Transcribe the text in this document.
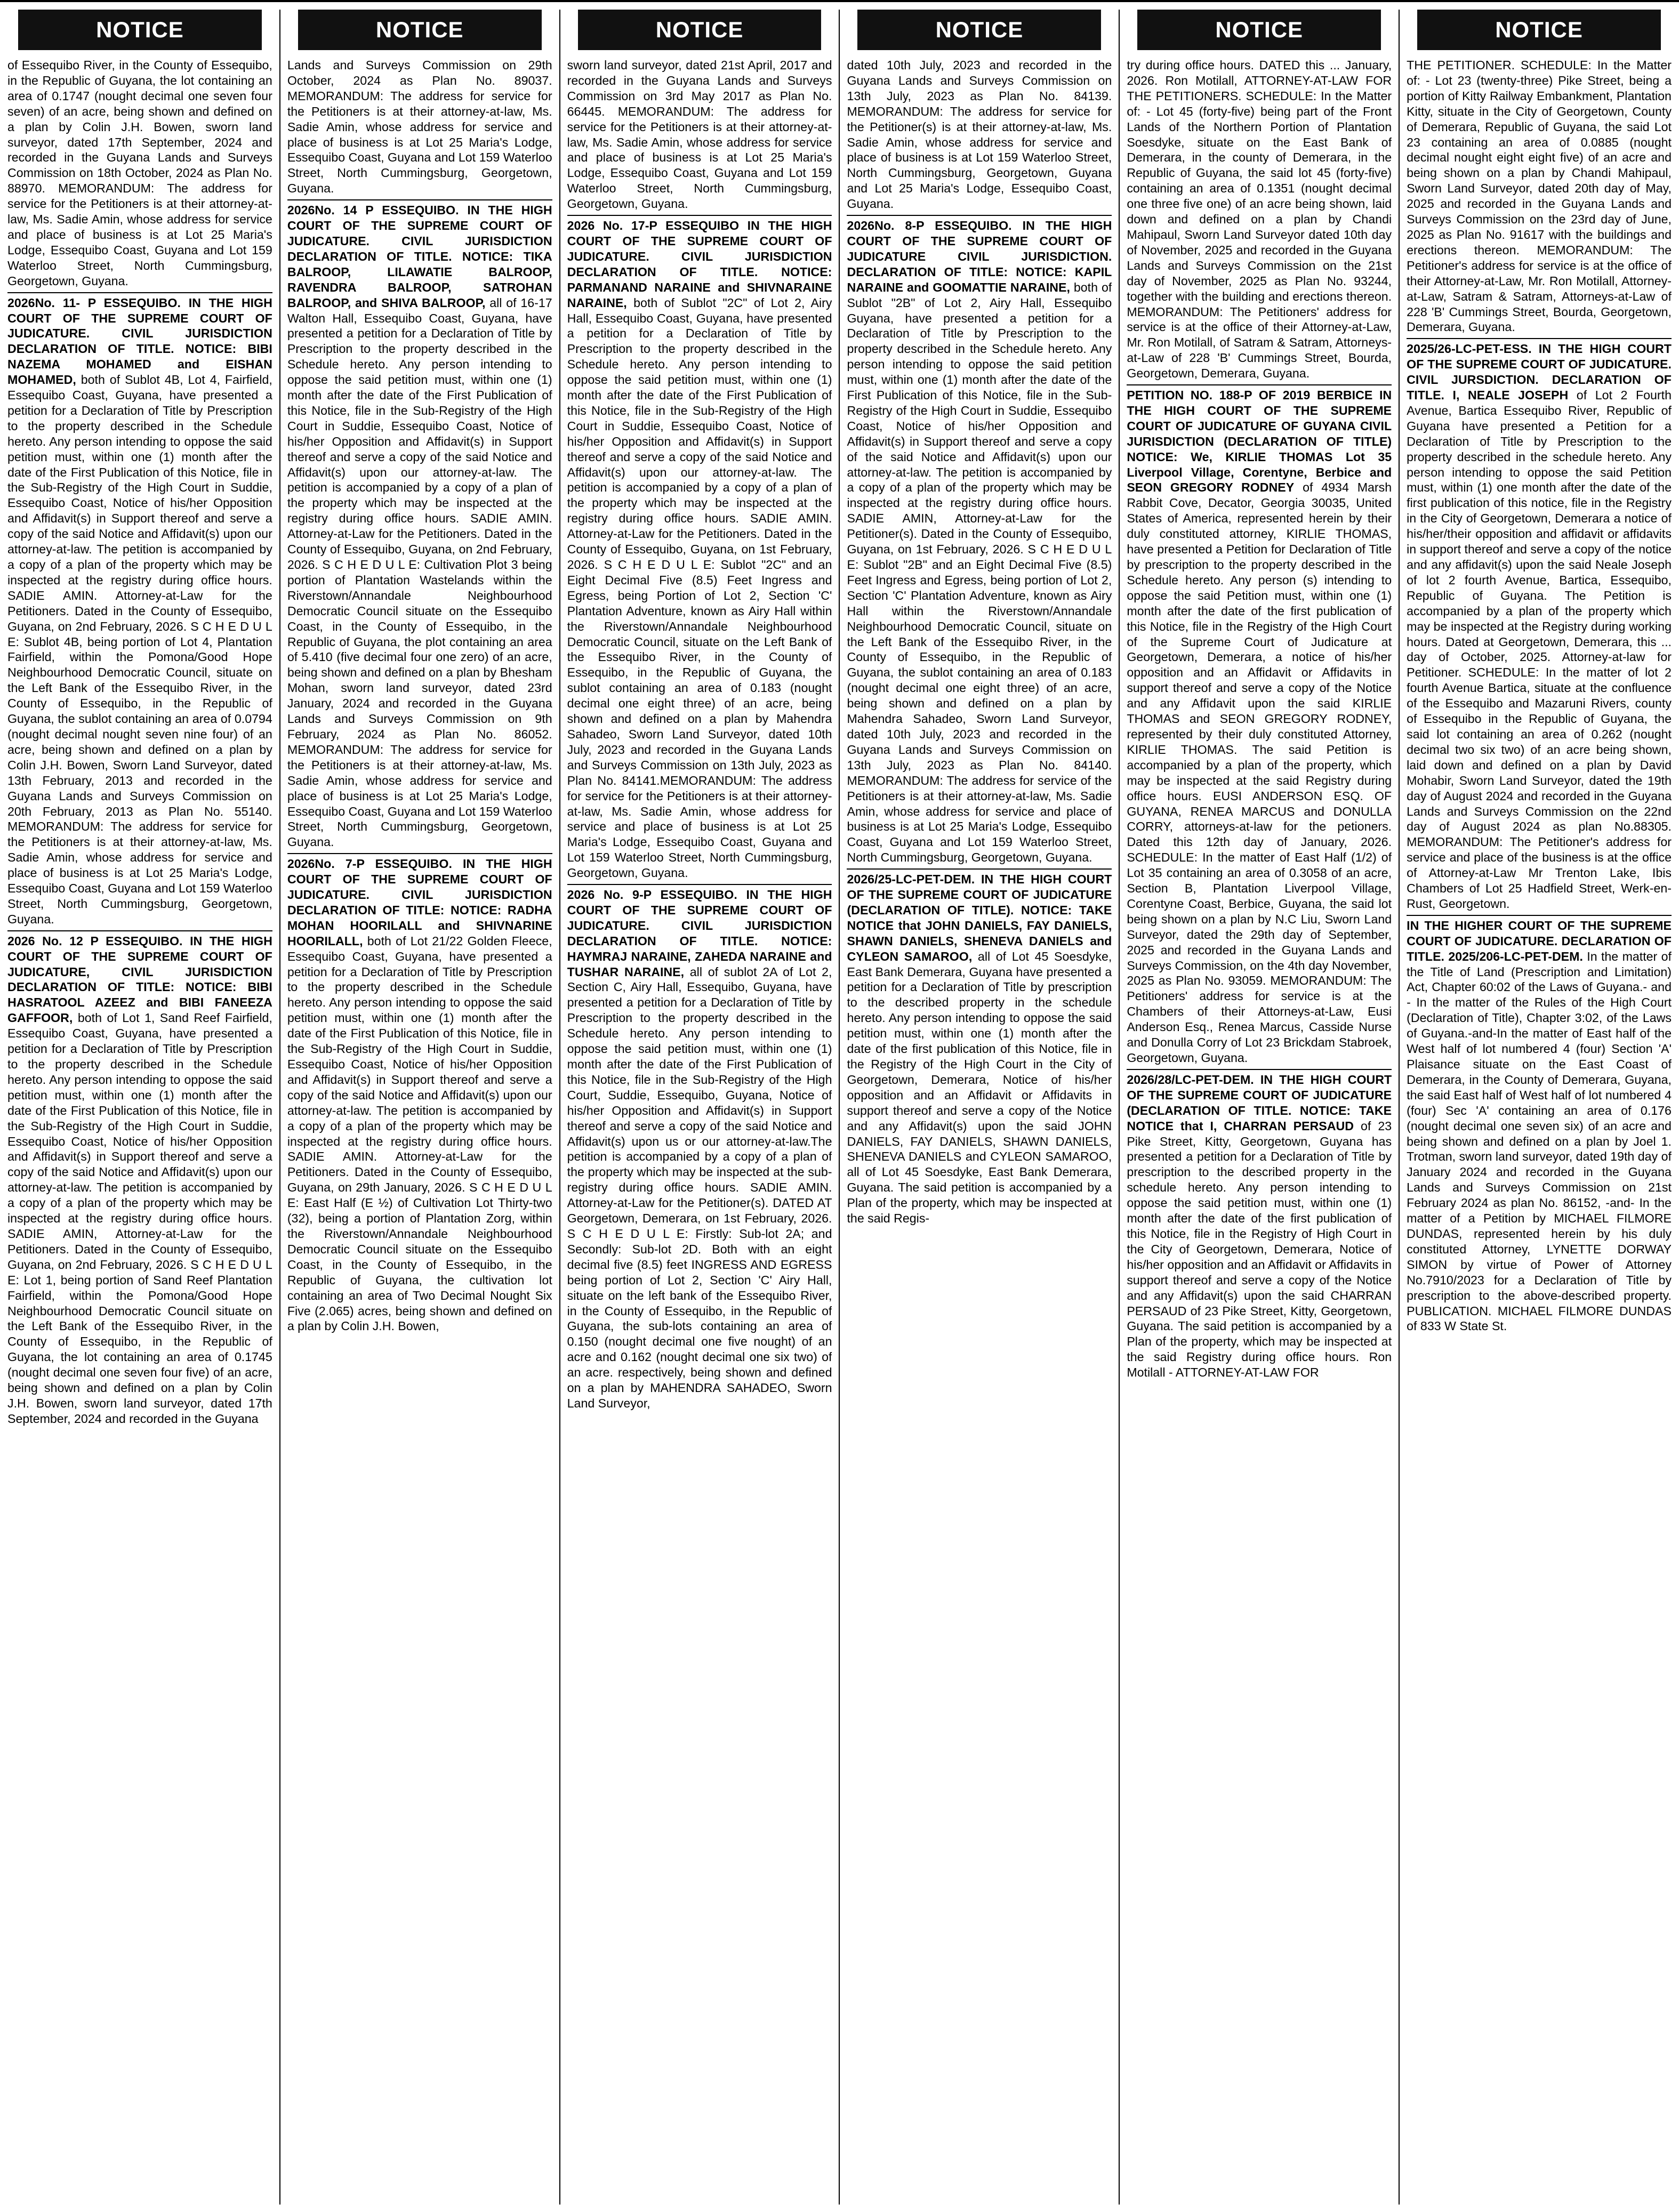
NOTICE

of Essequibo River, in the County of Essequibo, in the Republic of Guyana, the lot containing an area of 0.1747 (nought decimal one seven four seven) of an acre, being shown and defined on a plan by Colin J.H. Bowen, sworn land surveyor, dated 17th September, 2024 and recorded in the Guyana Lands and Surveys Commission on 18th October, 2024 as Plan No. 88970. MEMORANDUM: The address for service for the Petitioners is at their attorney-at-law, Ms. Sadie Amin, whose address for service and place of business is at Lot 25 Maria's Lodge, Essequibo Coast, Guyana and Lot 159 Waterloo Street, North Cummingsburg, Georgetown, Guyana.

2026No. 11- P ESSEQUIBO. IN THE HIGH COURT OF THE SUPREME COURT OF JUDICATURE. CIVIL JURISDICTION DECLARATION OF TITLE. NOTICE: BIBI NAZEMA MOHAMED and EISHAN MOHAMED, both of Sublot 4B, Lot 4, Fairfield, Essequibo Coast, Guyana, have presented a petition for a Declaration of Title by Prescription to the property described in the Schedule hereto. Any person intending to oppose the said petition must, within one (1) month after the date of the First Publication of this Notice, file in the Sub-Registry of the High Court in Suddie, Essequibo Coast, Notice of his/her Opposition and Affidavit(s) in Support thereof and serve a copy of the said Notice and Affidavit(s) upon our attorney-at-law. The petition is accompanied by a copy of a plan of the property which may be inspected at the registry during office hours. SADIE AMIN. Attorney-at-Law for the Petitioners. Dated in the County of Essequibo, Guyana, on 2nd February, 2026. S C H E D U L E: Sublot 4B, being portion of Lot 4, Plantation Fairfield, within the Pomona/Good Hope Neighbourhood Democratic Council, situate on the Left Bank of the Essequibo River, in the County of Essequibo, in the Republic of Guyana, the sublot containing an area of 0.0794 (nought decimal nought seven nine four) of an acre, being shown and defined on a plan by Colin J.H. Bowen, Sworn Land Surveyor, dated 13th February, 2013 and recorded in the Guyana Lands and Surveys Commission on 20th February, 2013 as Plan No. 55140. MEMORANDUM: The address for service for the Petitioners is at their attorney-at-law, Ms. Sadie Amin, whose address for service and place of business is at Lot 25 Maria's Lodge, Essequibo Coast, Guyana and Lot 159 Waterloo Street, North Cummingsburg, Georgetown, Guyana.

2026 No. 12 P ESSEQUIBO. IN THE HIGH COURT OF THE SUPREME COURT OF JUDICATURE, CIVIL JURISDICTION DECLARATION OF TITLE: NOTICE: BIBI HASRATOOL AZEEZ and BIBI FANEEZA GAFFOOR, both of Lot 1, Sand Reef Fairfield, Essequibo Coast, Guyana, have presented a petition for a Declaration of Title by Prescription to the property described in the Schedule hereto. Any person intending to oppose the said petition must, within one (1) month after the date of the First Publication of this Notice, file in the Sub-Registry of the High Court in Suddie, Essequibo Coast, Notice of his/her Opposition and Affidavit(s) in Support thereof and serve a copy of the said Notice and Affidavit(s) upon our attorney-at-law. The petition is accompanied by a copy of a plan of the property which may be inspected at the registry during office hours. SADIE AMIN, Attorney-at-Law for the Petitioners. Dated in the County of Essequibo, Guyana, on 2nd February, 2026. S C H E D U L E: Lot 1, being portion of Sand Reef Plantation Fairfield, within the Pomona/Good Hope Neighbourhood Democratic Council situate on the Left Bank of the Essequibo River, in the County of Essequibo, in the Republic of Guyana, the lot containing an area of 0.1745 (nought decimal one seven four five) of an acre, being shown and defined on a plan by Colin J.H. Bowen, sworn land surveyor, dated 17th September, 2024 and recorded in the Guyana

NOTICE

Lands and Surveys Commission on 29th October, 2024 as Plan No. 89037. MEMORANDUM: The address for service for the Petitioners is at their attorney-at-law, Ms. Sadie Amin, whose address for service and place of business is at Lot 25 Maria's Lodge, Essequibo Coast, Guyana and Lot 159 Waterloo Street, North Cummingsburg, Georgetown, Guyana.

2026No. 14 P ESSEQUIBO. IN THE HIGH COURT OF THE SUPREME COURT OF JUDICATURE. CIVIL JURISDICTION DECLARATION OF TITLE. NOTICE: TIKA BALROOP, LILAWATIE BALROOP, RAVENDRA BALROOP, SATROHAN BALROOP, and SHIVA BALROOP, all of 16-17 Walton Hall, Essequibo Coast, Guyana, have presented a petition for a Declaration of Title by Prescription to the property described in the Schedule hereto. Any person intending to oppose the said petition must, within one (1) month after the date of the First Publication of this Notice, file in the Sub-Registry of the High Court in Suddie, Essequibo Coast, Notice of his/her Opposition and Affidavit(s) in Support thereof and serve a copy of the said Notice and Affidavit(s) upon our attorney-at-law. The petition is accompanied by a copy of a plan of the property which may be inspected at the registry during office hours. SADIE AMIN. Attorney-at-Law for the Petitioners. Dated in the County of Essequibo, Guyana, on 2nd February, 2026. S C H E D U L E: Cultivation Plot 3 being portion of Plantation Wastelands within the Riverstown/Annandale Neighbourhood Democratic Council situate on the Essequibo Coast, in the County of Essequibo, in the Republic of Guyana, the plot containing an area of 5.410 (five decimal four one zero) of an acre, being shown and defined on a plan by Bhesham Mohan, sworn land surveyor, dated 23rd January, 2024 and recorded in the Guyana Lands and Surveys Commission on 9th February, 2024 as Plan No. 86052. MEMORANDUM: The address for service for the Petitioners is at their attorney-at-law, Ms. Sadie Amin, whose address for service and place of business is at Lot 25 Maria's Lodge, Essequibo Coast, Guyana and Lot 159 Waterloo Street, North Cummingsburg, Georgetown, Guyana.

2026No. 7-P ESSEQUIBO. IN THE HIGH COURT OF THE SUPREME COURT OF JUDICATURE. CIVIL JURISDICTION DECLARATION OF TITLE: NOTICE: RADHA MOHAN HOORILALL and SHIVNARINE HOORILALL, both of Lot 21/22 Golden Fleece, Essequibo Coast, Guyana, have presented a petition for a Declaration of Title by Prescription to the property described in the Schedule hereto. Any person intending to oppose the said petition must, within one (1) month after the date of the First Publication of this Notice, file in the Sub-Registry of the High Court in Suddie, Essequibo Coast, Notice of his/her Opposition and Affidavit(s) in Support thereof and serve a copy of the said Notice and Affidavit(s) upon our attorney-at-law. The petition is accompanied by a copy of a plan of the property which may be inspected at the registry during office hours. SADIE AMIN. Attorney-at-Law for the Petitioners. Dated in the County of Essequibo, Guyana, on 29th January, 2026. S C H E D U L E: East Half (E ½) of Cultivation Lot Thirty-two (32), being a portion of Plantation Zorg, within the Riverstown/Annandale Neighbourhood Democratic Council situate on the Essequibo Coast, in the County of Essequibo, in the Republic of Guyana, the cultivation lot containing an area of Two Decimal Nought Six Five (2.065) acres, being shown and defined on a plan by Colin J.H. Bowen,

NOTICE

sworn land surveyor, dated 21st April, 2017 and recorded in the Guyana Lands and Surveys Commission on 3rd May 2017 as Plan No. 66445. MEMORANDUM: The address for service for the Petitioners is at their attorney-at-law, Ms. Sadie Amin, whose address for service and place of business is at Lot 25 Maria's Lodge, Essequibo Coast, Guyana and Lot 159 Waterloo Street, North Cummingsburg, Georgetown, Guyana.

2026 No. 17-P ESSEQUIBO IN THE HIGH COURT OF THE SUPREME COURT OF JUDICATURE. CIVIL JURISDICTION DECLARATION OF TITLE. NOTICE: PARMANAND NARAINE and SHIVNARAINE NARAINE, both of Sublot "2C" of Lot 2, Airy Hall, Essequibo Coast, Guyana, have presented a petition for a Declaration of Title by Prescription to the property described in the Schedule hereto. Any person intending to oppose the said petition must, within one (1) month after the date of the First Publication of this Notice, file in the Sub-Registry of the High Court in Suddie, Essequibo Coast, Notice of his/her Opposition and Affidavit(s) in Support thereof and serve a copy of the said Notice and Affidavit(s) upon our attorney-at-law. The petition is accompanied by a copy of a plan of the property which may be inspected at the registry during office hours. SADIE AMIN. Attorney-at-Law for the Petitioners. Dated in the County of Essequibo, Guyana, on 1st February, 2026. S C H E D U L E: Sublot "2C" and an Eight Decimal Five (8.5) Feet Ingress and Egress, being Portion of Lot 2, Section 'C' Plantation Adventure, known as Airy Hall within the Riverstown/Annandale Neighbourhood Democratic Council, situate on the Left Bank of the Essequibo River, in the County of Essequibo, in the Republic of Guyana, the sublot containing an area of 0.183 (nought decimal one eight three) of an acre, being shown and defined on a plan by Mahendra Sahadeo, Sworn Land Surveyor, dated 10th July, 2023 and recorded in the Guyana Lands and Surveys Commission on 13th July, 2023 as Plan No. 84141.MEMORANDUM: The address for service for the Petitioners is at their attorney-at-law, Ms. Sadie Amin, whose address for service and place of business is at Lot 25 Maria's Lodge, Essequibo Coast, Guyana and Lot 159 Waterloo Street, North Cummingsburg, Georgetown, Guyana.

2026 No. 9-P ESSEQUIBO. IN THE HIGH COURT OF THE SUPREME COURT OF JUDICATURE. CIVIL JURISDICTION DECLARATION OF TITLE. NOTICE: HAYMRAJ NARAINE, ZAHEDA NARAINE and TUSHAR NARAINE, all of sublot 2A of Lot 2, Section C, Airy Hall, Essequibo, Guyana, have presented a petition for a Declaration of Title by Prescription to the property described in the Schedule hereto. Any person intending to oppose the said petition must, within one (1) month after the date of the First Publication of this Notice, file in the Sub-Registry of the High Court, Suddie, Essequibo, Guyana, Notice of his/her Opposition and Affidavit(s) in Support thereof and serve a copy of the said Notice and Affidavit(s) upon us or our attorney-at-law.The petition is accompanied by a copy of a plan of the property which may be inspected at the sub-registry during office hours. SADIE AMIN. Attorney-at-Law for the Petitioner(s). DATED AT Georgetown, Demerara, on 1st February, 2026. S C H E D U L E: Firstly: Sub-lot 2A; and Secondly: Sub-lot 2D. Both with an eight decimal five (8.5) feet INGRESS AND EGRESS being portion of Lot 2, Section 'C' Airy Hall, situate on the left bank of the Essequibo River, in the County of Essequibo, in the Republic of Guyana, the sub-lots containing an area of 0.150 (nought decimal one five nought) of an acre and 0.162 (nought decimal one six two) of an acre. respectively, being shown and defined on a plan by MAHENDRA SAHADEO, Sworn Land Surveyor,

NOTICE

dated 10th July, 2023 and recorded in the Guyana Lands and Surveys Commission on 13th July, 2023 as Plan No. 84139. MEMORANDUM: The address for service for the Petitioner(s) is at their attorney-at-law, Ms. Sadie Amin, whose address for service and place of business is at Lot 159 Waterloo Street, North Cummingsburg, Georgetown, Guyana and Lot 25 Maria's Lodge, Essequibo Coast, Guyana.

2026No. 8-P ESSEQUIBO. IN THE HIGH COURT OF THE SUPREME COURT OF JUDICATURE CIVIL JURISDICTION. DECLARATION OF TITLE: NOTICE: KAPIL NARAINE and GOOMATTIE NARAINE, both of Sublot "2B" of Lot 2, Airy Hall, Essequibo Guyana, have presented a petition for a Declaration of Title by Prescription to the property described in the Schedule hereto. Any person intending to oppose the said petition must, within one (1) month after the date of the First Publication of this Notice, file in the Sub-Registry of the High Court in Suddie, Essequibo Coast, Notice of his/her Opposition and Affidavit(s) in Support thereof and serve a copy of the said Notice and Affidavit(s) upon our attorney-at-law. The petition is accompanied by a copy of a plan of the property which may be inspected at the registry during office hours. SADIE AMIN, Attorney-at-Law for the Petitioner(s). Dated in the County of Essequibo, Guyana, on 1st February, 2026. S C H E D U L E: Sublot "2B" and an Eight Decimal Five (8.5) Feet Ingress and Egress, being portion of Lot 2, Section 'C' Plantation Adventure, known as Airy Hall within the Riverstown/Annandale Neighbourhood Democratic Council, situate on the Left Bank of the Essequibo River, in the County of Essequibo, in the Republic of Guyana, the sublot containing an area of 0.183 (nought decimal one eight three) of an acre, being shown and defined on a plan by Mahendra Sahadeo, Sworn Land Surveyor, dated 10th July, 2023 and recorded in the Guyana Lands and Surveys Commission on 13th July, 2023 as Plan No. 84140. MEMORANDUM: The address for service of the Petitioners is at their attorney-at-law, Ms. Sadie Amin, whose address for service and place of business is at Lot 25 Maria's Lodge, Essequibo Coast, Guyana and Lot 159 Waterloo Street, North Cummingsburg, Georgetown, Guyana.

2026/25-LC-PET-DEM. IN THE HIGH COURT OF THE SUPREME COURT OF JUDICATURE (DECLARATION OF TITLE). NOTICE: TAKE NOTICE that JOHN DANIELS, FAY DANIELS, SHAWN DANIELS, SHENEVA DANIELS and CYLEON SAMAROO, all of Lot 45 Soesdyke, East Bank Demerara, Guyana have presented a petition for a Declaration of Title by prescription to the described property in the schedule hereto. Any person intending to oppose the said petition must, within one (1) month after the date of the first publication of this Notice, file in the Registry of the High Court in the City of Georgetown, Demerara, Notice of his/her opposition and an Affidavit or Affidavits in support thereof and serve a copy of the Notice and any Affidavit(s) upon the said JOHN DANIELS, FAY DANIELS, SHAWN DANIELS, SHENEVA DANIELS and CYLEON SAMAROO, all of Lot 45 Soesdyke, East Bank Demerara, Guyana. The said petition is accompanied by a Plan of the property, which may be inspected at the said Regis-

NOTICE

try during office hours. DATED this ... January, 2026. Ron Motilall, ATTORNEY-AT-LAW FOR THE PETITIONERS. SCHEDULE: In the Matter of: - Lot 45 (forty-five) being part of the Front Lands of the Northern Portion of Plantation Soesdyke, situate on the East Bank of Demerara, in the county of Demerara, in the Republic of Guyana, the said lot 45 (forty-five) containing an area of 0.1351 (nought decimal one three five one) of an acre being shown, laid down and defined on a plan by Chandi Mahipaul, Sworn Land Surveyor dated 10th day of November, 2025 and recorded in the Guyana Lands and Surveys Commission on the 21st day of November, 2025 as Plan No. 93244, together with the building and erections thereon. MEMORANDUM: The Petitioners' address for service is at the office of their Attorney-at-Law, Mr. Ron Motilall, of Satram & Satram, Attorneys-at-Law of 228 'B' Cummings Street, Bourda, Georgetown, Demerara, Guyana.

PETITION NO. 188-P OF 2019 BERBICE IN THE HIGH COURT OF THE SUPREME COURT OF JUDICATURE OF GUYANA CIVIL JURISDICTION (DECLARATION OF TITLE) NOTICE: We, KIRLIE THOMAS Lot 35 Liverpool Village, Corentyne, Berbice and SEON GREGORY RODNEY of 4934 Marsh Rabbit Cove, Decator, Georgia 30035, United States of America, represented herein by their duly constituted attorney, KIRLIE THOMAS, have presented a Petition for Declaration of Title by prescription to the property described in the Schedule hereto. Any person (s) intending to oppose the said Petition must, within one (1) month after the date of the first publication of this Notice, file in the Registry of the High Court of the Supreme Court of Judicature at Georgetown, Demerara, a notice of his/her opposition and an Affidavit or Affidavits in support thereof and serve a copy of the Notice and any Affidavit upon the said KIRLIE THOMAS and SEON GREGORY RODNEY, represented by their duly constituted Attorney, KIRLIE THOMAS. The said Petition is accompanied by a plan of the property, which may be inspected at the said Registry during office hours. EUSI ANDERSON ESQ. OF GUYANA, RENEA MARCUS and DONULLA CORRY, attorneys-at-law for the petioners. Dated this 12th day of January, 2026. SCHEDULE: In the matter of East Half (1/2) of Lot 35 containing an area of 0.3058 of an acre, Section B, Plantation Liverpool Village, Corentyne Coast, Berbice, Guyana, the said lot being shown on a plan by N.C Liu, Sworn Land Surveyor, dated the 29th day of September, 2025 and recorded in the Guyana Lands and Surveys Commission, on the 4th day November, 2025 as Plan No. 93059. MEMORANDUM: The Petitioners' address for service is at the Chambers of their Attorneys-at-Law, Eusi Anderson Esq., Renea Marcus, Casside Nurse and Donulla Corry of Lot 23 Brickdam Stabroek, Georgetown, Guyana.

2026/28/LC-PET-DEM. IN THE HIGH COURT OF THE SUPREME COURT OF JUDICATURE (DECLARATION OF TITLE. NOTICE: TAKE NOTICE that I, CHARRAN PERSAUD of 23 Pike Street, Kitty, Georgetown, Guyana has presented a petition for a Declaration of Title by prescription to the described property in the schedule hereto. Any person intending to oppose the said petition must, within one (1) month after the date of the first publication of this Notice, file in the Registry of High Court in the City of Georgetown, Demerara, Notice of his/her opposition and an Affidavit or Affidavits in support thereof and serve a copy of the Notice and any Affidavit(s) upon the said CHARRAN PERSAUD of 23 Pike Street, Kitty, Georgetown, Guyana. The said petition is accompanied by a Plan of the property, which may be inspected at the said Registry during office hours. Ron Motilall - ATTORNEY-AT-LAW FOR

NOTICE

THE PETITIONER. SCHEDULE: In the Matter of: - Lot 23 (twenty-three) Pike Street, being a portion of Kitty Railway Embankment, Plantation Kitty, situate in the City of Georgetown, County of Demerara, Republic of Guyana, the said Lot 23 containing an area of 0.0885 (nought decimal nought eight eight five) of an acre and being shown on a plan by Chandi Mahipaul, Sworn Land Surveyor, dated 20th day of May, 2025 and recorded in the Guyana Lands and Surveys Commission on the 23rd day of June, 2025 as Plan No. 91617 with the buildings and erections thereon. MEMORANDUM: The Petitioner's address for service is at the office of their Attorney-at-Law, Mr. Ron Motilall, Attorney-at-Law, Satram & Satram, Attorneys-at-Law of 228 'B' Cummings Street, Bourda, Georgetown, Demerara, Guyana.

2025/26-LC-PET-ESS. IN THE HIGH COURT OF THE SUPREME COURT OF JUDICATURE. CIVIL JURSDICTION. DECLARATION OF TITLE. I, NEALE JOSEPH of Lot 2 Fourth Avenue, Bartica Essequibo River, Republic of Guyana have presented a Petition for a Declaration of Title by Prescription to the property described in the schedule hereto. Any person intending to oppose the said Petition must, within (1) one month after the date of the first publication of this notice, file in the Registry in the City of Georgetown, Demerara a notice of his/her/their opposition and affidavit or affidavits in support thereof and serve a copy of the notice and any affidavit(s) upon the said Neale Joseph of lot 2 fourth Avenue, Bartica, Essequibo, Republic of Guyana. The Petition is accompanied by a plan of the property which may be inspected at the Registry during working hours. Dated at Georgetown, Demerara, this ... day of October, 2025. Attorney-at-law for Petitioner. SCHEDULE: In the matter of lot 2 fourth Avenue Bartica, situate at the confluence of the Essequibo and Mazaruni Rivers, county of Essequibo in the Republic of Guyana, the said lot containing an area of 0.262 (nought decimal two six two) of an acre being shown, laid down and defined on a plan by David Mohabir, Sworn Land Surveyor, dated the 19th day of August 2024 and recorded in the Guyana Lands and Surveys Commission on the 22nd day of August 2024 as plan No.88305. MEMORANDUM: The Petitioner's address for service and place of the business is at the office of Attorney-at-Law Mr Trenton Lake, Ibis Chambers of Lot 25 Hadfield Street, Werk-en-Rust, Georgetown.

IN THE HIGHER COURT OF THE SUPREME COURT OF JUDICATURE. DECLARATION OF TITLE. 2025/206-LC-PET-DEM. In the matter of the Title of Land (Prescription and Limitation) Act, Chapter 60:02 of the Laws of Guyana.- and - In the matter of the Rules of the High Court (Declaration of Title), Chapter 3:02, of the Laws of Guyana.-and-In the matter of East half of the West half of lot numbered 4 (four) Section 'A' Plaisance situate on the East Coast of Demerara, in the County of Demerara, Guyana, the said East half of West half of lot numbered 4 (four) Sec 'A' containing an area of 0.176 (nought decimal one seven six) of an acre and being shown and defined on a plan by Joel 1. Trotman, sworn land surveyor, dated 19th day of January 2024 and recorded in the Guyana Lands and Surveys Commission on 21st February 2024 as plan No. 86152, -and- In the matter of a Petition by MICHAEL FILMORE DUNDAS, represented herein by his duly constituted Attorney, LYNETTE DORWAY SIMON by virtue of Power of Attorney No.7910/2023 for a Declaration of Title by prescription to the above-described property. PUBLICATION. MICHAEL FILMORE DUNDAS of 833 W State St.
